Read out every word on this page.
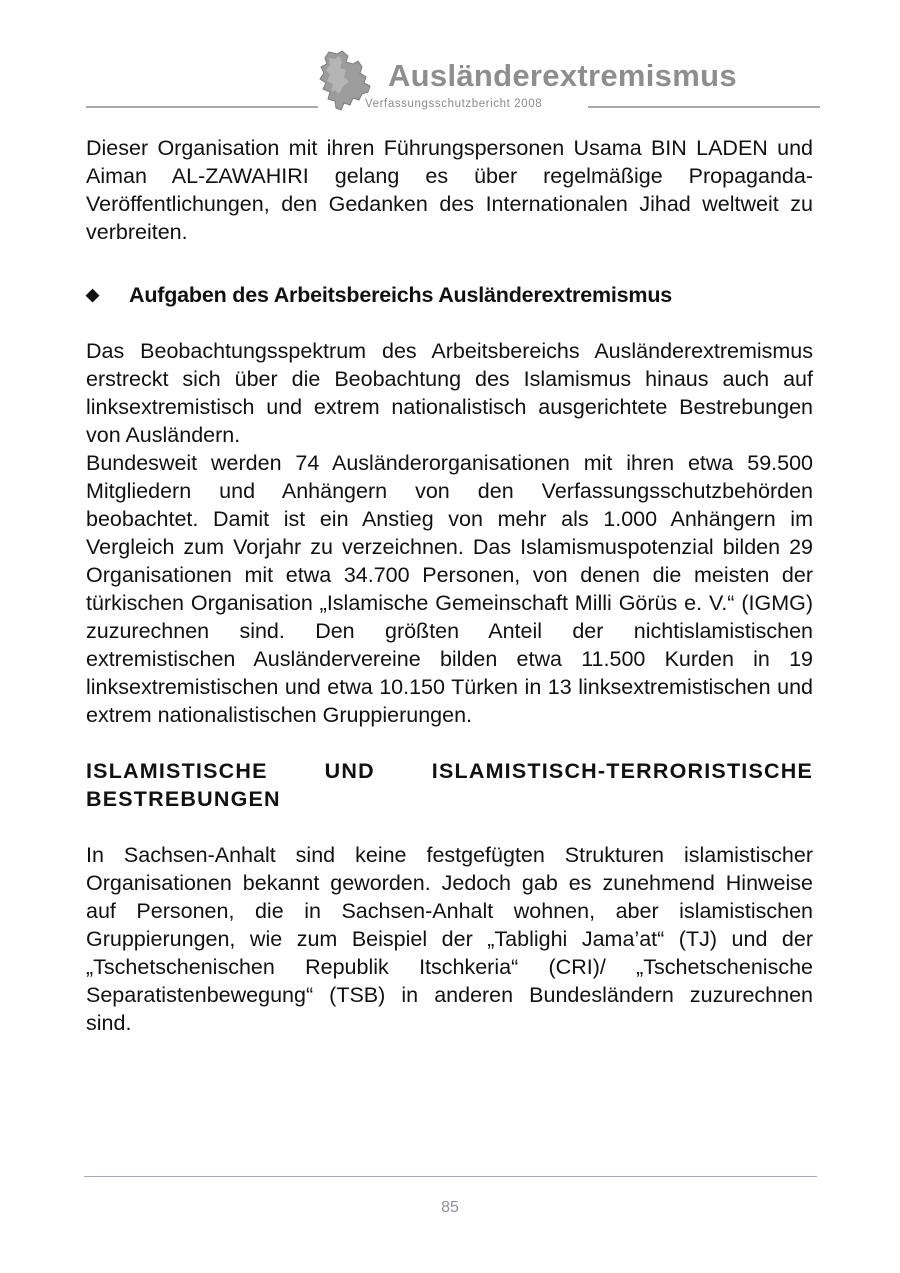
Ausländerextremismus
Verfassungsschutzbericht 2008

Dieser Organisation mit ihren Führungspersonen Usama BIN LADEN und Aiman AL-ZAWAHIRI gelang es über regelmäßige Propaganda-Veröffentlichungen, den Gedanken des Internationalen Jihad weltweit zu verbreiten.

◆ Aufgaben des Arbeitsbereichs Ausländerextremismus

Das Beobachtungsspektrum des Arbeitsbereichs Ausländerextremismus erstreckt sich über die Beobachtung des Islamismus hinaus auch auf linksextremistisch und extrem nationalistisch ausgerichtete Bestrebungen von Ausländern.

Bundesweit werden 74 Ausländerorganisationen mit ihren etwa 59.500 Mitgliedern und Anhängern von den Verfassungsschutzbehörden beobachtet. Damit ist ein Anstieg von mehr als 1.000 Anhängern im Vergleich zum Vorjahr zu verzeichnen. Das Islamismuspotenzial bilden 29 Organisationen mit etwa 34.700 Personen, von denen die meisten der türkischen Organisation „Islamische Gemeinschaft Milli Görüs e. V.“ (IGMG) zuzurechnen sind. Den größten Anteil der nichtislamistischen extremistischen Ausländervereine bilden etwa 11.500 Kurden in 19 linksextremistischen und etwa 10.150 Türken in 13 linksextremistischen und extrem nationalistischen Gruppierungen.

ISLAMISTISCHE UND ISLAMISTISCH-TERRORISTISCHE BESTREBUNGEN

In Sachsen-Anhalt sind keine festgefügten Strukturen islamistischer Organisationen bekannt geworden. Jedoch gab es zunehmend Hinweise auf Personen, die in Sachsen-Anhalt wohnen, aber islamistischen Gruppierungen, wie zum Beispiel der „Tablighi Jama’at“ (TJ) und der „Tschetschenischen Republik Itschkeria“ (CRI)/ „Tschetschenische Separatistenbewegung“ (TSB) in anderen Bundesländern zuzurechnen sind.

85
